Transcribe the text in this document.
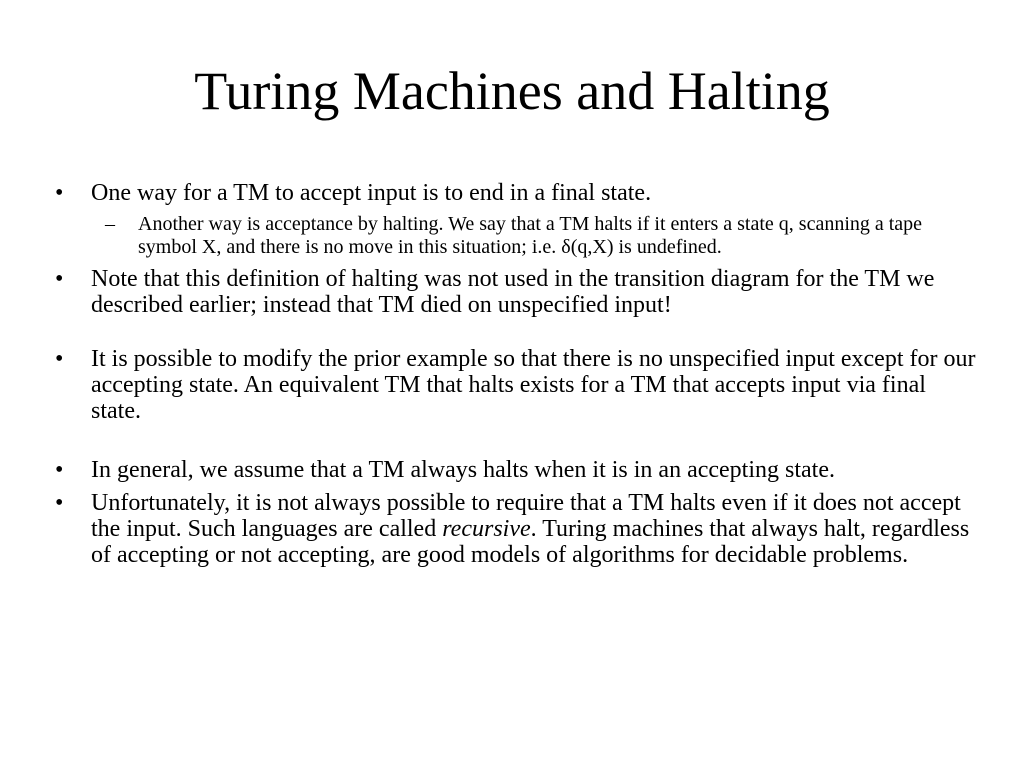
Turing Machines and Halting
• One way for a TM to accept input is to end in a final state.
– Another way is acceptance by halting. We say that a TM halts if it enters a state q, scanning a tape symbol X, and there is no move in this situation; i.e. δ(q,X) is undefined.
• Note that this definition of halting was not used in the transition diagram for the TM we described earlier; instead that TM died on unspecified input!
• It is possible to modify the prior example so that there is no unspecified input except for our accepting state. An equivalent TM that halts exists for a TM that accepts input via final state.
• In general, we assume that a TM always halts when it is in an accepting state.
• Unfortunately, it is not always possible to require that a TM halts even if it does not accept the input. Such languages are called recursive. Turing machines that always halt, regardless of accepting or not accepting, are good models of algorithms for decidable problems.
